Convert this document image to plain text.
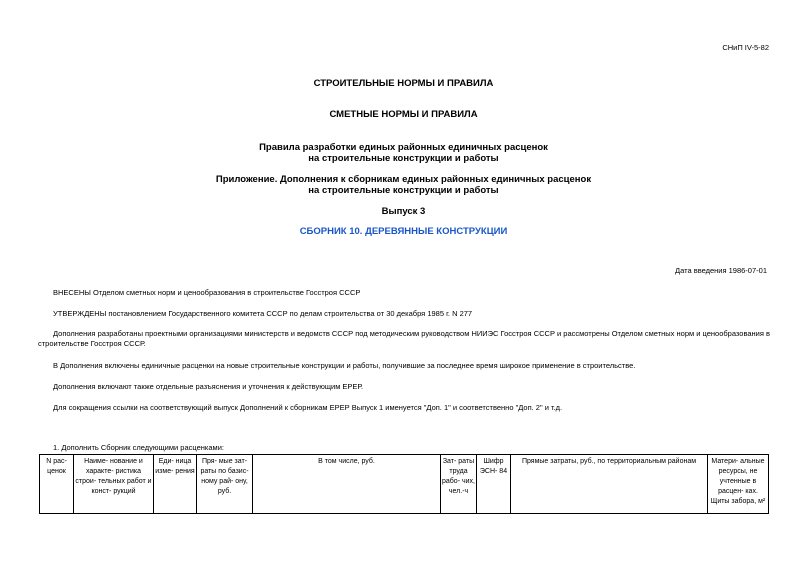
СНиП IV-5-82
СТРОИТЕЛЬНЫЕ НОРМЫ И ПРАВИЛА
СМЕТНЫЕ НОРМЫ И ПРАВИЛА
Правила разработки единых районных единичных расценок
на строительные конструкции и работы
Приложение. Дополнения к сборникам единых районных единичных расценок
на строительные конструкции и работы
Выпуск 3
СБОРНИК 10. ДЕРЕВЯННЫЕ КОНСТРУКЦИИ
Дата введения 1986-07-01
ВНЕСЕНЫ Отделом сметных норм и ценообразования в строительстве Госстроя СССР
УТВЕРЖДЕНЫ постановлением Государственного комитета СССР по делам строительства от 30 декабря 1985 г. N 277
Дополнения разработаны проектными организациями министерств и ведомств СССР под методическим руководством НИИЭС Госстроя СССР и рассмотрены Отделом сметных норм и ценообразования в
строительстве Госстроя СССР.
В Дополнения включены единичные расценки на новые строительные конструкции и работы, получившие за последнее время широкое применение в строительстве.
Дополнения включают также отдельные разъяснения и уточнения к действующим ЕРЕР.
Для сокращения ссылки на соответствующий выпуск Дополнений к сборникам ЕРЕР Выпуск 1 именуется "Доп. 1" и соответственно "Доп. 2" и т.д.
1. Дополнить Сборник следующими расценками:
N рас- ценок	Наиме- нование и характе- ристика строи- тельных работ и конст- рукций	Еди- ница изме- рения	Пря- мые зат- раты по базис- ному рай- ону, руб.	В том числе, руб.	Зат- раты труда рабо- чих, чел.-ч	Шифр ЭСН- 84	Прямые затраты, руб., по территориальным районам	Матери- альные ресурсы, не учтенные в расцен- ках. Щиты забора, м²
